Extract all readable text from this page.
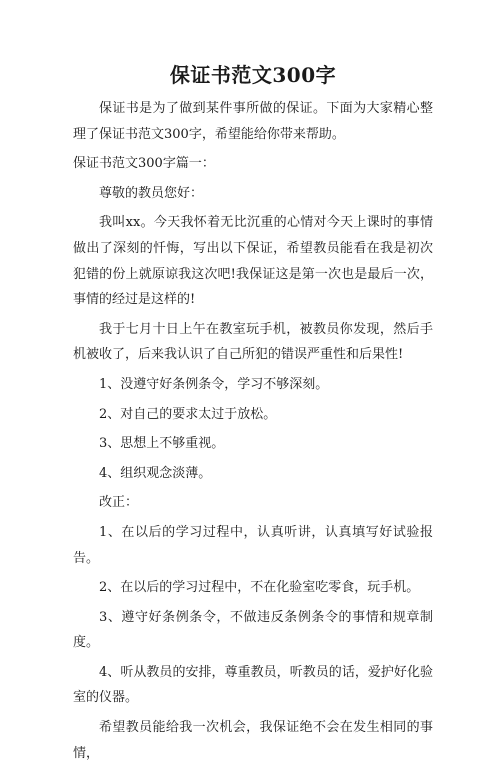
保证书范文300字

保证书是为了做到某件事所做的保证。下面为大家精心整理了保证书范文300字，希望能给你带来帮助。

保证书范文300字篇一：

尊敬的教员您好：

我叫xx。今天我怀着无比沉重的心情对今天上课时的事情做出了深刻的忏悔，写出以下保证，希望教员能看在我是初次犯错的份上就原谅我这次吧!我保证这是第一次也是最后一次，事情的经过是这样的!

我于七月十日上午在教室玩手机，被教员你发现，然后手机被收了，后来我认识了自己所犯的错误严重性和后果性!

1、没遵守好条例条令，学习不够深刻。

2、对自己的要求太过于放松。

3、思想上不够重视。

4、组织观念淡薄。

改正：

1、在以后的学习过程中，认真听讲，认真填写好试验报告。

2、在以后的学习过程中，不在化验室吃零食，玩手机。

3、遵守好条例条令，不做违反条例条令的事情和规章制度。

4、听从教员的安排，尊重教员，听教员的话，爱护好化验室的仪器。

希望教员能给我一次机会，我保证绝不会在发生相同的事情，
